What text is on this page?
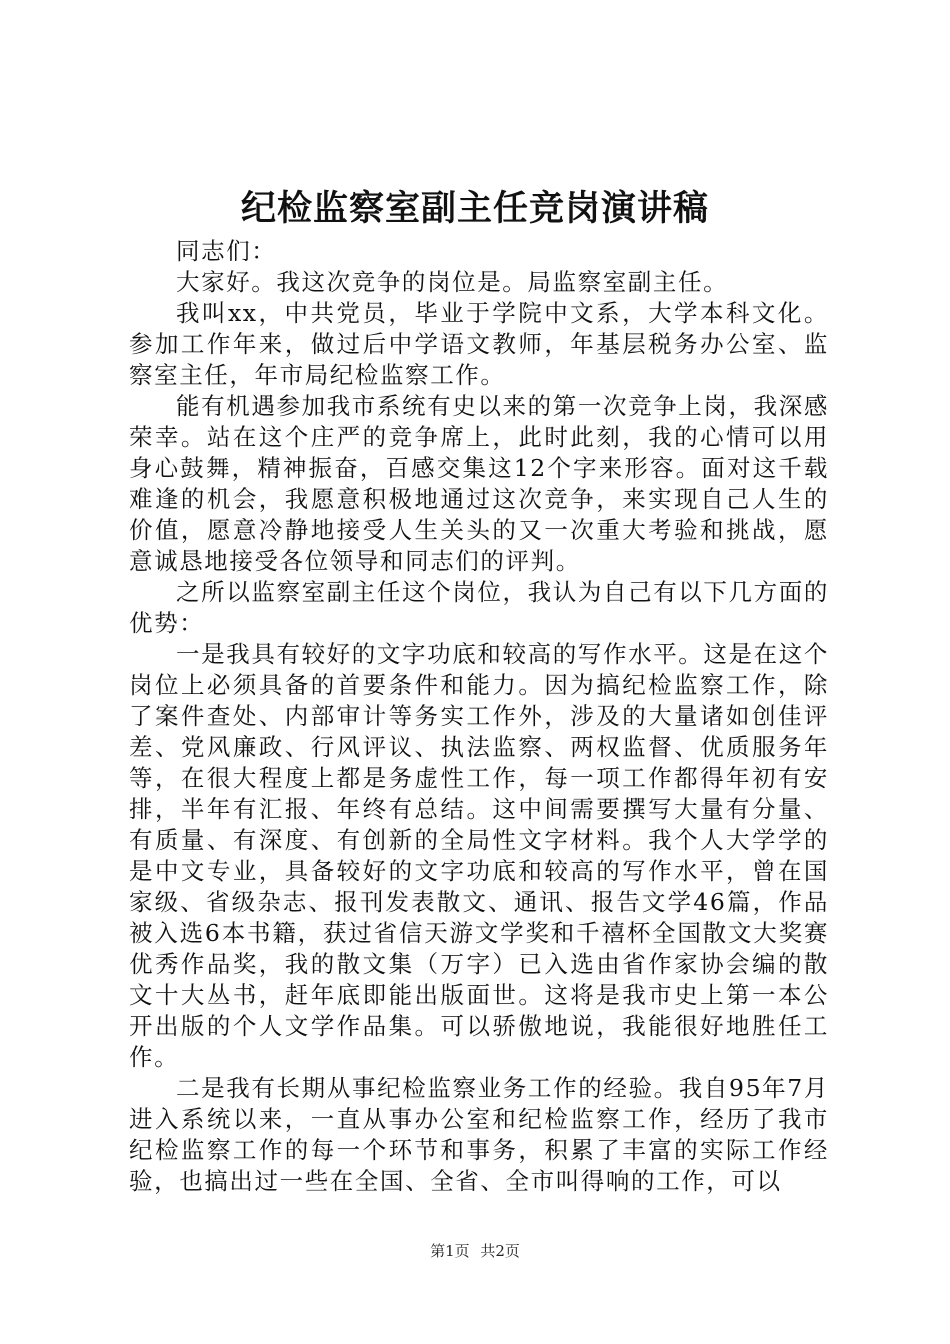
纪检监察室副主任竞岗演讲稿

同志们：

大家好。我这次竞争的岗位是。局监察室副主任。

我叫xx，中共党员，毕业于学院中文系，大学本科文化。参加工作年来，做过后中学语文教师，年基层税务办公室、监察室主任，年市局纪检监察工作。

能有机遇参加我市系统有史以来的第一次竞争上岗，我深感荣幸。站在这个庄严的竞争席上，此时此刻，我的心情可以用身心鼓舞，精神振奋，百感交集这12个字来形容。面对这千载难逢的机会，我愿意积极地通过这次竞争，来实现自己人生的价值，愿意冷静地接受人生关头的又一次重大考验和挑战，愿意诚恳地接受各位领导和同志们的评判。

之所以监察室副主任这个岗位，我认为自己有以下几方面的优势：

一是我具有较好的文字功底和较高的写作水平。这是在这个岗位上必须具备的首要条件和能力。因为搞纪检监察工作，除了案件查处、内部审计等务实工作外，涉及的大量诸如创佳评差、党风廉政、行风评议、执法监察、两权监督、优质服务年等，在很大程度上都是务虚性工作，每一项工作都得年初有安排，半年有汇报、年终有总结。这中间需要撰写大量有分量、有质量、有深度、有创新的全局性文字材料。我个人大学学的是中文专业，具备较好的文字功底和较高的写作水平，曾在国家级、省级杂志、报刊发表散文、通讯、报告文学46篇，作品被入选6本书籍，获过省信天游文学奖和千禧杯全国散文大奖赛优秀作品奖，我的散文集（万字）已入选由省作家协会编的散文十大丛书，赶年底即能出版面世。这将是我市史上第一本公开出版的个人文学作品集。可以骄傲地说，我能很好地胜任工作。

二是我有长期从事纪检监察业务工作的经验。我自95年7月进入系统以来，一直从事办公室和纪检监察工作，经历了我市纪检监察工作的每一个环节和事务，积累了丰富的实际工作经验，也搞出过一些在全国、全省、全市叫得响的工作，可以

第1页 共2页
